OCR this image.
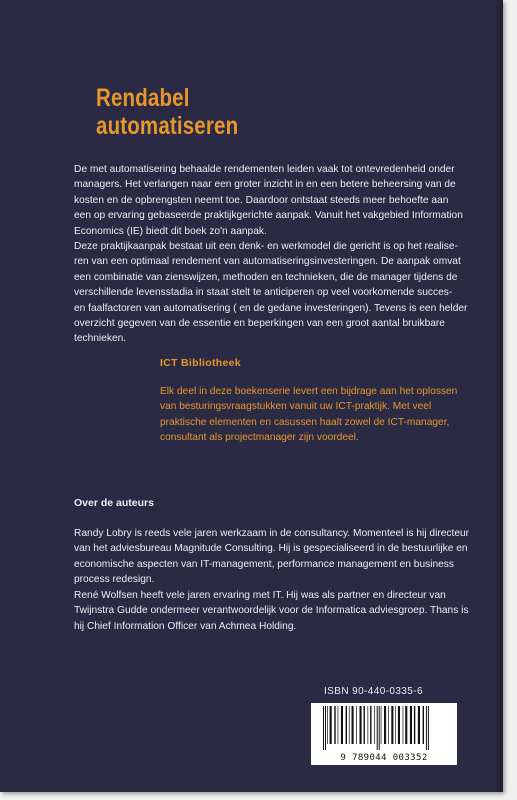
Rendabel
automatiseren

De met automatisering behaalde rendementen leiden vaak tot ontevredenheid onder
managers. Het verlangen naar een groter inzicht in en een betere beheersing van de
kosten en de opbrengsten neemt toe. Daardoor ontstaat steeds meer behoefte aan
een op ervaring gebaseerde praktijkgerichte aanpak. Vanuit het vakgebied Information
Economics (IE) biedt dit boek zo'n aanpak.

Deze praktijkaanpak bestaat uit een denk- en werkmodel die gericht is op het realise-
ren van een optimaal rendement van automatiseringsinvesteringen. De aanpak omvat
een combinatie van zienswijzen, methoden en technieken, die de manager tijdens de
verschillende levensstadia in staat stelt te anticiperen op veel voorkomende succes-
en faalfactoren van automatisering ( en de gedane investeringen). Tevens is een helder
overzicht gegeven van de essentie en beperkingen van een groot aantal bruikbare
technieken.

ICT Bibliotheek

Elk deel in deze boekenserie levert een bijdrage aan het oplossen
van besturingsvraagstukken vanuit uw ICT-praktijk. Met veel
praktische elementen en casussen haalt zowel de ICT-manager,
consultant als projectmanager zijn voordeel.

Over de auteurs

Randy Lobry is reeds vele jaren werkzaam in de consultancy. Momenteel is hij directeur
van het adviesbureau Magnitude Consulting. Hij is gespecialiseerd in de bestuurlijke en
economische aspecten van IT-management, performance management en business
process redesign.

René Wolfsen heeft vele jaren ervaring met IT. Hij was als partner en directeur van
Twijnstra Gudde ondermeer verantwoordelijk voor de Informatica adviesgroep. Thans is
hij Chief Information Officer van Achmea Holding.

ISBN 90-440-0335-6
9 789044 003352
